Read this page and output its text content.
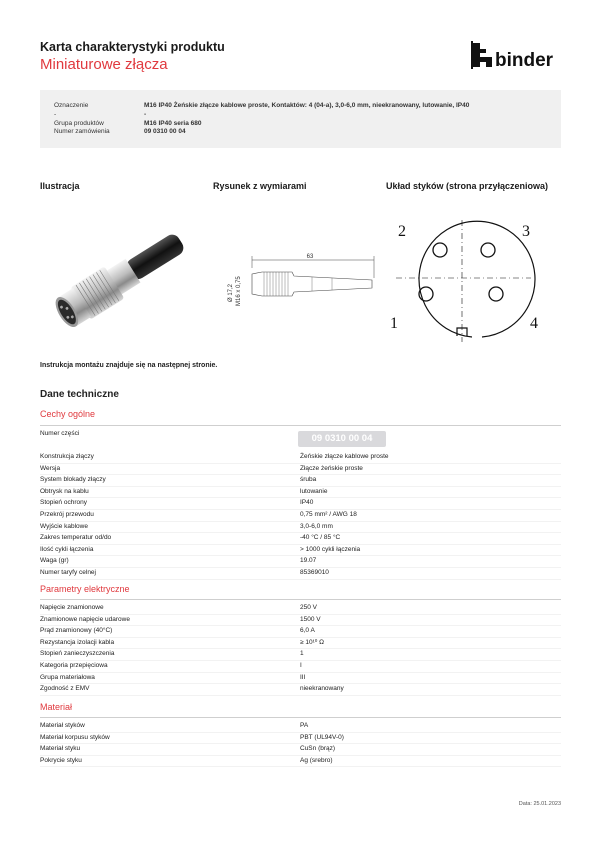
Karta charakterystyki produktu
Miniaturowe złącza	binder
Oznaczenie	M16 IP40 Żeńskie złącze kablowe proste, Kontaktów: 4 (04-a), 3,0-6,0 mm, nieekranowany, lutowanie, IP40
-	-
Grupa produktów	M16 IP40 seria 680
Numer zamówienia	09 0310 00 04
Ilustracja	Rysunek z wymiarami	Układ styków (strona przyłączeniowa)
63
Ø 17,2 M16 x 0,75
1
2	3
4
Instrukcja montażu znajduje się na następnej stronie.
Dane techniczne
Cechy ogólne
Numer części	09 0310 00 04
Konstrukcja złączy	Żeńskie złącze kablowe proste
Wersja	Złącze żeńskie proste
System blokady złączy	śruba
Obtrysk na kablu	lutowanie
Stopień ochrony	IP40
Przekrój przewodu	0,75 mm² / AWG 18
Wyjście kablowe	3,0-6,0 mm
Zakres temperatur od/do	-40 °C / 85 °C
Ilość cykli łączenia	> 1000 cykli łączenia
Waga (gr)	19.07
Numer taryfy celnej	85369010
Parametry elektryczne
Napięcie znamionowe	250 V
Znamionowe napięcie udarowe	1500 V
Prąd znamionowy (40°C)	6,0 A
Rezystancja izolacji kabla	≥ 10¹⁰ Ω
Stopień zanieczyszczenia	1
Kategoria przepięciowa	I
Grupa materiałowa	III
Zgodność z EMV	nieekranowany
Materiał
Materiał styków	PA
Materiał korpusu styków	PBT (UL94V-0)
Materiał styku	CuSn (brąz)
Pokrycie styku	Ag (srebro)
Data: 25.01.2023
